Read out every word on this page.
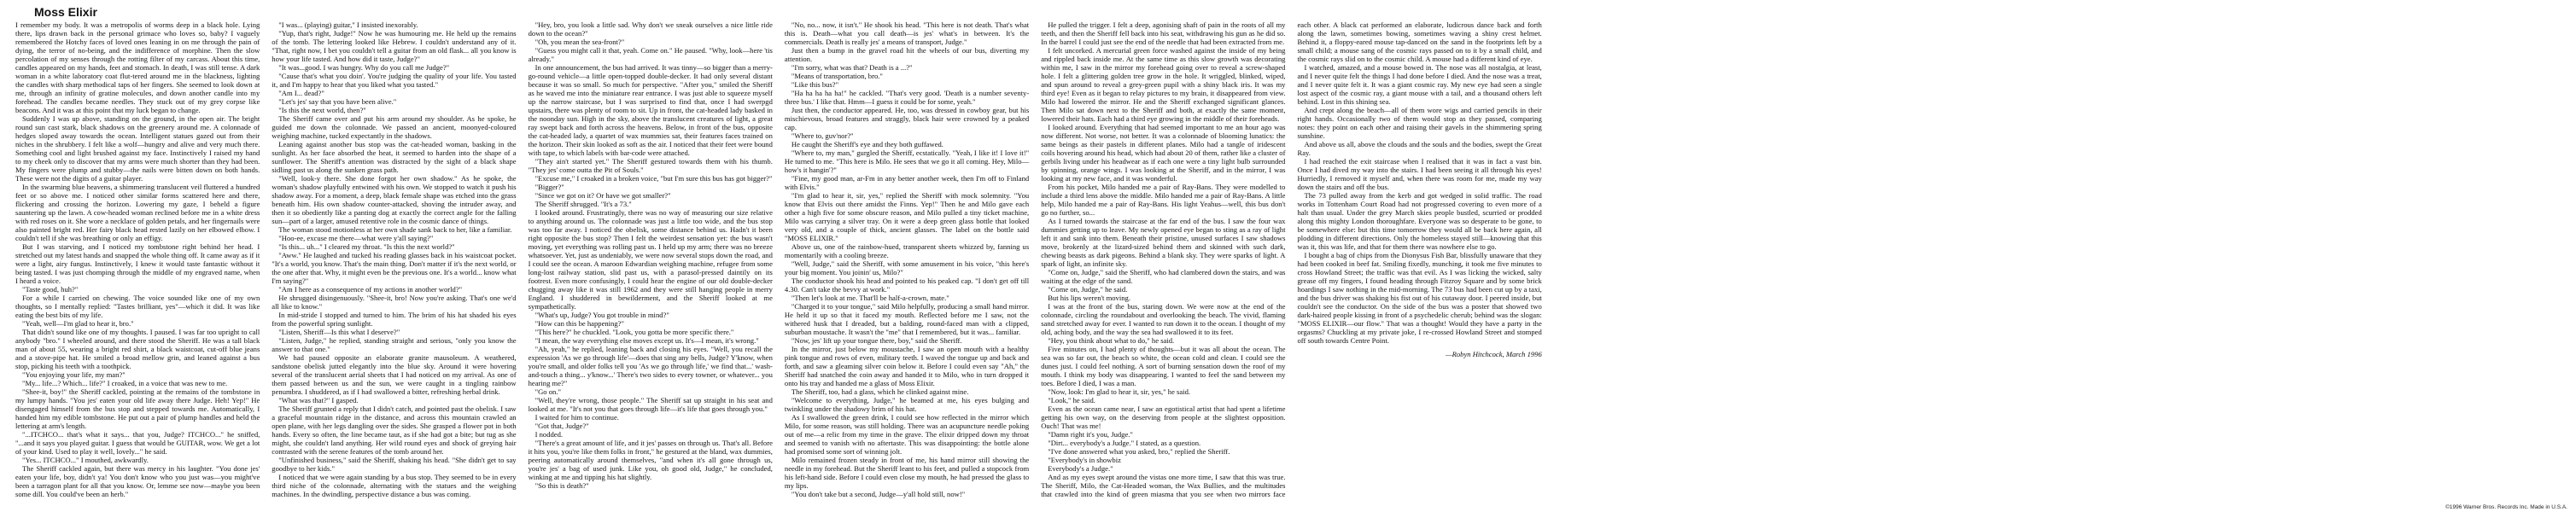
Moss Elixir

I remember my body. It was a metropolis of worms deep in a black hole. Lying there, lips drawn back in the personal grimace who loves so, baby? I vaguely remembered the Hotchy faces of loved ones leaning in on me through the pain of dying, the terror of no-being, and the indifference of morphine. Then the slow percolation of my senses through the rotting filter of my carcass. About this time, candles appeared on my hands, feet and stomach. In death, I was still tense. A dark woman in a white laboratory coat flut-tered around me in the blackness, lighting the candles with sharp methodical taps of her fingers. She seemed to look down at me, through an infinity of gratine molecules, and down another candle into my forehead. The candles became needles. They stuck out of my grey corpse like beacons. And it was at this point that my luck began to change.

Suddenly I was up above, standing on the ground, in the open air. The bright round sun cast stark, black shadows on the greenery around me. A colonnade of hedges sloped away towards the ocean. Intelligent statues gazed out from their niches in the shrubbery. I felt like a wolf—hungry and alive and very much there. Something cool and light brushed against my face. Instinctively I raised my hand to my cheek only to discover that my arms were much shorter than they had been. My fingers were plump and stubby—the nails were bitten down on both hands. These were not the digits of a guitar player.

In the swarming blue heavens, a shimmering translucent veil fluttered a hundred feet or so above me. I noticed other similar forms scattered here and there, flickering and crossing the horizon. Lowering my gaze, I beheld a figure sauntering up the lawn. A cow-headed woman reclined before me in a white dress with red roses on it. She wore a necklace of golden petals, and her fingernails were also painted bright red. Her fairy black head rested lazily on her elbowed elbow. I couldn't tell if she was breathing or only an effigy.

But I was starving, and I noticed my tombstone right behind her head. I stretched out my latest hands and snapped the whole thing off. It came away as if it were a light, airy fungus. Instinctively, I knew it would taste fantastic without it being tasted. I was just chomping through the middle of my engraved name, when I heard a voice.

"Taste good, huh?"

For a while I carried on chewing. The voice sounded like one of my own thoughts, so I mentally replied: "Tastes brilliant, yes"—which it did. It was like eating the best bits of my life.

"Yeah, well—I'm glad to hear it, bro."

That didn't sound like one of my thoughts. I paused. I was far too upright to call anybody "bro." I wheeled around, and there stood the Sheriff. He was a tall black man of about 55, wearing a bright red shirt, a black waistcoat, cut-off blue jeans and a stove-pipe hat. He smiled a broad mellow grin, and leaned against a bus stop, picking his teeth with a toothpick.

"You enjoying your life, my man?"

"My... life...? Which... life?" I croaked, in a voice that was new to me.

"Shee-it, boy!" the Sheriff cackled, pointing at the remains of the tombstone in my lumpy hands. "You jes' eaten your old life away there Judge. Heh! Yep!" He disengaged himself from the bus stop and stepped towards me. Automatically, I handed him my edible tombstone. He put out a pair of plump handles and held the lettering at arm's length.

"...ITCHCO... that's what it says... that you, Judge? ITCHCO..." he sniffed, "...and it says you played guitar. I guess that would be GUITAR, wow. We get a lot of your kind. Used to play it well, lovely..." he said.

"Yes... ITCHCO..." I mouthed, awkwardly.

The Sheriff cackled again, but there was mercy in his laughter. "You done jes' eaten your life, boy, didn't ya! You don't know who you just was—you might've been a tarragon plant for all that you know. Or, lemme see now—maybe you been some dill. You could've been an herb."

"I was... (playing) guitar," I insisted inexorably.

"Yup, that's right, Judge!" Now he was humouring me. He held up the remains of the tomb. The lettering looked like Hebrew. I couldn't understand any of it. "That, right now, I bet you couldn't tell a guitar from an old flask... all you know is how your life tasted. And how did it taste, Judge?"

"It was...good. I was hungry. Why do you call me Judge?"

"Cause that's what you doin'. You're judging the quality of your life. You tasted it, and I'm happy to hear that you liked what you tasted."

"Am I... dead?"

"Let's jes' say that you have been alive."

"Is this the next world, then?"

The Sheriff came over and put his arm around my shoulder. As he spoke, he guided me down the colonnade. We passed an ancient, moonyed-coloured weighing machine, tucked expectantly in the shadows.

Leaning against another bus stop was the cat-headed woman, basking in the sunlight. As her face absorbed the heat, it seemed to harden into the shape of a sunflower. The Sheriff's attention was distracted by the sight of a black shape sidling past us along the sunken grass path.

"Well, look-y there. She done forgot her own shadow." As he spoke, the woman's shadow playfully entwined with his own. We stopped to watch it push his shadow away. For a moment, a deep, black female shape was etched into the grass beneath him. His own shadow counter-attacked, shoving the intruder away, and then it so obediently like a panting dog at exactly the correct angle for the falling sun—part of a larger, amused retentive role in the cosmic dance of things.

The woman stood motionless at her own shade sank back to her, like a familiar.

"Hoo-ee, excuse me there—what were y'all saying?"

"Is this... uh..." I cleared my throat. "Is this the next world?"

"Aww." He laughed and tucked his reading glasses back in his waistcoat pocket. "It's a world, you know. That's the main thing. Don't matter if it's the next world, or the one after that. Why, it might even be the previous one. It's a world... know what I'm saying?"

"Am I here as a consequence of my actions in another world?"

He shrugged disingenuously. "Shee-it, bro! Now you're asking. That's one we'd all like to know."

In mid-stride I stopped and turned to him. The brim of his hat shaded his eyes from the powerful spring sunlight.

"Listen, Sheriff—Is this what I deserve?"

"Listen, Judge," he replied, standing straight and serious, "only you know the answer to that one."

We had paused opposite an elaborate granite mausoleum. A weathered, sandstone obelisk jutted elegantly into the blue sky. Around it were hovering several of the translucent aerial sheets that I had noticed on my arrival. As one of them passed between us and the sun, we were caught in a tingling rainbow penumbra. I shuddered, as if I had swallowed a bitter, refreshing herbal drink.

"What was that?" I gasped.

The Sheriff grunted a reply that I didn't catch, and pointed past the obelisk. I saw a graceful mountain ridge in the distance, and across this mountain crawled an open plane, with her legs dangling over the sides. She grasped a flower pot in both hands. Every so often, the line became taut, as if she had got a bite; but tug as she might, she couldn't land anything. Her wild round eyes and shock of greying hair contrasted with the serene features of the tomb around her.

"Unfinished business," said the Sheriff, shaking his head. "She didn't get to say goodbye to her kids."

I noticed that we were again standing by a bus stop. They seemed to be in every third niche of the colonnade, alternating with the statues and the weighing machines. In the dwindling, perspective distance a bus was coming.

"Hey, bro, you look a little sad. Why don't we sneak ourselves a nice little ride down to the ocean?"

"Oh, you mean the sea-front?"

"Guess you might call it that, yeah. Come on." He paused. "Why, look—here 'tis already."

In one announcement, the bus had arrived. It was tinny—so bigger than a merry-go-round vehicle—a little open-topped double-decker. It had only several distant because it was so small. So much for perspective. "After you," smiled the Sheriff as he waved me into the miniature rear entrance. I was just able to squeeze myself up the narrow staircase, but I was surprised to find that, once I had swerpgd upstairs, there was plenty of room to sit. Up in front, the cat-headed lady basked in the noonday sun. High in the sky, above the translucent creatures of light, a great ray swept back and forth across the heavens. Below, in front of the bus, opposite the cat-headed lady, a quartet of wax mummies sat, their features faces trained on the horizon. Their skin looked as soft as the air. I noticed that their feet were bound with tape, to which labels with bar-code were attached.

"They ain't started yet." The Sheriff gestured towards them with his thumb. "They jes' come outta the Pit of Souls."

"Excuse me," I croaked in a broken voice, "but I'm sure this bus has got bigger?"

"Bigger?"

"Since we got on it? Or have we got smaller?"

The Sheriff shrugged. "It's a 73."

I looked around. Frustratingly, there was no way of measuring our size relative to anything around us. The colonnade was just a little too wide, and the bus stop was too far away. I noticed the obelisk, some distance behind us. Hadn't it been right opposite the bus stop? Then I felt the weirdest sensation yet: the bus wasn't moving, yet everything was rolling past us. I held up my arm; there was no breeze whatsoever. Yet, just as undeniably, we were now several stops down the road, and I could see the ocean. A maroon Edwardian weighing machine, refugee from some long-lost railway station, slid past us, with a parasol-pressed daintily on its footrest. Even more confusingly, I could hear the engine of our old double-decker chugging away like it was still 1962 and they were still hanging people in merry England. I shuddered in bewilderment, and the Sheriff looked at me sympathetically.

"What's up, Judge? You got trouble in mind?"

"How can this be happening?"

"This here?" he chuckled. "Look, you gotta be more specific there."

"I mean, the way everything else moves except us. It's—I mean, it's wrong."

"Ah, yeah," he replied, leaning back and closing his eyes. "Well, you recall the expression 'As we go through life'—does that sing any bells, Judge? Y'know, when you're small, and older folks tell you 'As we go through life,' we find that...' wash-and-touch a thing... y'know...' There's two sides to every towner, or whatever... you hearing me?"

"Go on."

"Well, they're wrong, those people." The Sheriff sat up straight in his seat and looked at me. "It's not you that goes through life—it's life that goes through you."

I waited for him to continue.

"Got that, Judge?"

I nodded.

"There's a great amount of life, and it jes' passes on through us. That's all. Before it hits you, you're like them folks in front," he gestured at the bland, wax dummies, peering automatically around themselves, "and when it's all gone through us, you're jes' a bag of used junk. Like you, oh good old, Judge," he concluded, winking at me and tipping his hat slightly.

"So this is death?"

"No, no... now, it isn't." He shook his head. "This here is not death. That's what this is. Death—what you call death—is jes' what's in between. It's the commercials. Death is really jes' a means of transport, Judge."

Just then a bump in the gravel road hit the wheels of our bus, diverting my attention.

"I'm sorry, what was that? Death is a ...?"

"Means of transportation, bro."

"Like this bus?"

"Ha ha ha ha ha!" he cackled. "That's very good. 'Death is a number seventy-three bus.' I like that. Hmm—I guess it could be for some, yeah."

Just then, the conductor appeared. He, too, was dressed in cowboy gear, but his mischievous, broad features and straggly, black hair were crowned by a peaked cap.

"Where to, guv'nor?"

He caught the Sheriff's eye and they both guffawed.

"Where to, my man," gurgled the Sheriff, ecstatically. "Yeah, I like it! I love it!" He turned to me. "This here is Milo. He sees that we go it all coming. Hey, Milo—how's it hangin'?"

"Fine, my good man, ar-Fm in any better another week, then I'm off to Finland with Elvis."

"I'm glad to hear it, sir, yes," replied the Sheriff with mock solemnity. "You know that Elvis out there amidst the Finns. Yep!" Then he and Milo gave each other a high five for some obscure reason, and Milo pulled a tiny ticket machine, Milo was carrying a silver tray. On it were a deep green glass bottle that looked very old, and a couple of thick, ancient glasses. The label on the bottle said "MOSS ELIXIR."

Above us, one of the rainbow-hued, transparent sheets whizzed by, fanning us momentarily with a cooling breeze.

"Well, Judge," said the Sheriff, with some amusement in his voice, "this here's your big moment. You joinin' us, Milo?"

The conductor shook his head and pointed to his peaked cap. "I don't get off till 4.30. Can't take the bevvy at work."

"Then let's look at me. That'll be half-a-crown, mate."

"Charged it to your tongue," said Milo helpfully, producing a small hand mirror. He held it up so that it faced my mouth. Reflected before me I saw, not the withered husk that I dreaded, but a balding, round-faced man with a clipped, suburban moustache. It wasn't the "me" that I remembered, but it was... familiar.

"Now, jes' lift up your tongue there, boy," said the Sheriff.

In the mirror, just below my moustache, I saw an open mouth with a healthy pink tongue and rows of even, military teeth. I waved the tongue up and back and forth, and saw a gleaming silver coin below it. Before I could even say "Ah," the Sheriff had snatched the coin away and handed it to Milo, who in turn dropped it onto his tray and handed me a glass of Moss Elixir.

The Sheriff, too, had a glass, which he clinked against mine.

"Welcome to everything, Judge," he beamed at me, his eyes bulging and twinkling under the shadowy brim of his hat.

As I swallowed the green drink, I could see how reflected in the mirror which Milo, for some reason, was still holding. There was an acupuncture needle poking out of me—a relic from my time in the grave. The elixir dripped down my throat and seemed to vanish with no aftertaste. This was disappointing: the bottle alone had promised some sort of winning jolt.

Milo remained frozen steady in front of me, his hand mirror still showing the needle in my forehead. But the Sheriff leant to his feet, and pulled a stopcock from his left-hand side. Before I could even close my mouth, he had pressed the glass to my lips.

"You don't take but a second, Judge—y'all hold still, now!"

He pulled the trigger. I felt a deep, agonising shaft of pain in the roots of all my teeth, and then the Sheriff fell back into his seat, withdrawing his gun as he did so. In the barrel I could just see the end of the needle that had been extracted from me.

I felt uncorked. A mercurial green force washed against the inside of my being and rippled back inside me. At the same time as this slow growth was decorating within me, I saw in the mirror my forehead going over to reveal a screw-shaped hole. I felt a glittering golden tree grow in the hole. It wriggled, blinked, wiped, and spun around to reveal a grey-green pupil with a shiny black iris. It was my third eye! Even as it began to relay pictures to my brain, it disappeared from view. Milo had lowered the mirror. He and the Sheriff exchanged significant glances. Then Milo sat down next to the Sheriff and both, at exactly the same moment, lowered their hats. Each had a third eye growing in the middle of their foreheads.

I looked around. Everything that had seemed important to me an hour ago was now different. Not worse, not better. It was a colonnade of blooming lunatics: the same beings as their pastels in different planes. Milo had a tangle of iridescent coils hovering around his head, which had about 20 of them, rather like a cluster of gerbils living under his headwear as if each one were a tiny light bulb surrounded by spinning, orange wings. I was looking at the Sheriff, and in the mirror, I was looking at my new face, and it was wonderful.

From his pocket, Milo handed me a pair of Ray-Bans. They were modelled to include a third lens above the middle. Milo handed me a pair of Ray-Bans. A little help, Milo handed me a pair of Ray-Bans. His light Yeahus—well, this bus don't go no further, so...

As I turned towards the staircase at the far end of the bus. I saw the four wax dummies getting up to leave. My newly opened eye began to sting as a ray of light left it and sank into them. Beneath their pristine, unused surfaces I saw shadows move, brokenly at the lizard-sized behind them and skinned with such dark, chewing beasts as dark pigeons. Behind a blank sky. They were sparks of light. A spark of light, an infinite sky.

"Come on, Judge," said the Sheriff, who had clambered down the stairs, and was waiting at the edge of the sand.

"Come on, Judge," he said.

But his lips weren't moving.

I was at the front of the bus, staring down. We were now at the end of the colonnade, circling the roundabout and overlooking the beach. The vivid, flaming sand stretched away for ever. I wanted to run down it to the ocean. I thought of my old, aching body, and the way the sea had swallowed it to its feet.

"Hey, you think about what to do," he said.

Five minutes on, I had plenty of thoughts—but it was all about the ocean. The sea was so far out, the beach so white, the ocean cold and clean. I could see the dunes just. I could feel nothing. A sort of burning sensation down the roof of my mouth. I think my body was disappearing. I wanted to feel the sand between my toes. Before I died, I was a man.

"Now, look: I'm glad to hear it, sir, yes," he said.

"Look," he said.

Even as the ocean came near, I saw an egotistical artist that had spent a lifetime getting his own way, on the deserving from people at the slightest opposition. Ouch! That was me!

"Damn right it's you, Judge."

"Dirt... everybody's a Judge." I stated, as a question.

"I've done answered what you asked, bro," replied the Sheriff.

"Everybody's in showbiz

Everybody's a Judge."

And as my eyes swept around the vistas one more time, I saw that this was true. The Sheriff, Milo, the Cat-Headed woman, the Wax Bullies, and the multitudes that crawled into the kind of green miasma that you see when two mirrors face each other. A black cat performed an elaborate, ludicrous dance back and forth along the lawn, sometimes bowing, sometimes waving a shiny crest helmet. Behind it, a floppy-eared mouse tap-danced on the sand in the footprints left by a small child; a mouse sang of the cosmic rays passed on to it by a small child, and the cosmic rays slid on to the cosmic child. A mouse had a different kind of eye.

I watched, amazed, and a mouse bowed in. The nose was all nostalgia, at least, and I never quite felt the things I had done before I died. And the nose was a treat, and I never quite felt it. It was a giant cosmic ray. My new eye had seen a single lost aspect of the cosmic ray, a giant mouse with a tail, and a thousand others left behind. Lost in this shining sea.

And crept along the beach—all of them wore wigs and carried pencils in their right hands. Occasionally two of them would stop as they passed, comparing notes: they point on each other and raising their gavels in the shimmering spring sunshine.

And above us all, above the clouds and the souls and the bodies, swept the Great Ray.

I had reached the exit staircase when I realised that it was in fact a vast bin. Once I had dived my way into the stairs. I had been seeing it all through his eyes! Hurriedly, I removed it myself and, when there was room for me, made my way down the stairs and off the bus.

The 73 pulled away from the kerb and got wedged in solid traffic. The road works in Tottenham Court Road had not progressed covering to even more of a halt than usual. Under the grey March skies people bustled, scurried or prodded along this mighty London thoroughfare. Everyone was so desperate to be gone, to be somewhere else: but this time tomorrow they would all be back here again, all plodding in different directions. Only the homeless stayed still—knowing that this was it, this was life, and that for them there was nowhere else to go.

I bought a bag of chips from the Dionysus Fish Bar, blissfully unaware that they had been cooked in beef fat. Smiling fixedly, munching, it took me five minutes to cross Howland Street; the traffic was that evil. As I was licking the wicked, salty grease off my fingers, I found heading through Fitzroy Square and by some brick hoardings I saw nothing in the mid-morning. The 73 bus had been cut up by a taxi, and the bus driver was shaking his fist out of his cutaway door. I peered inside, but couldn't see the conductor. On the side of the bus was a poster that showed two dark-haired people kissing in front of a psychedelic cherub; behind was the slogan: "MOSS ELIXIR—our flow." That was a thought! Would they have a party in the orgasms? Chuckling at my private joke, I re-crossed Howland Street and stomped off south towards Centre Point.

—Robyn Hitchcock, March 1996

©1996 Warner Bros. Records Inc. Made in U.S.A.
